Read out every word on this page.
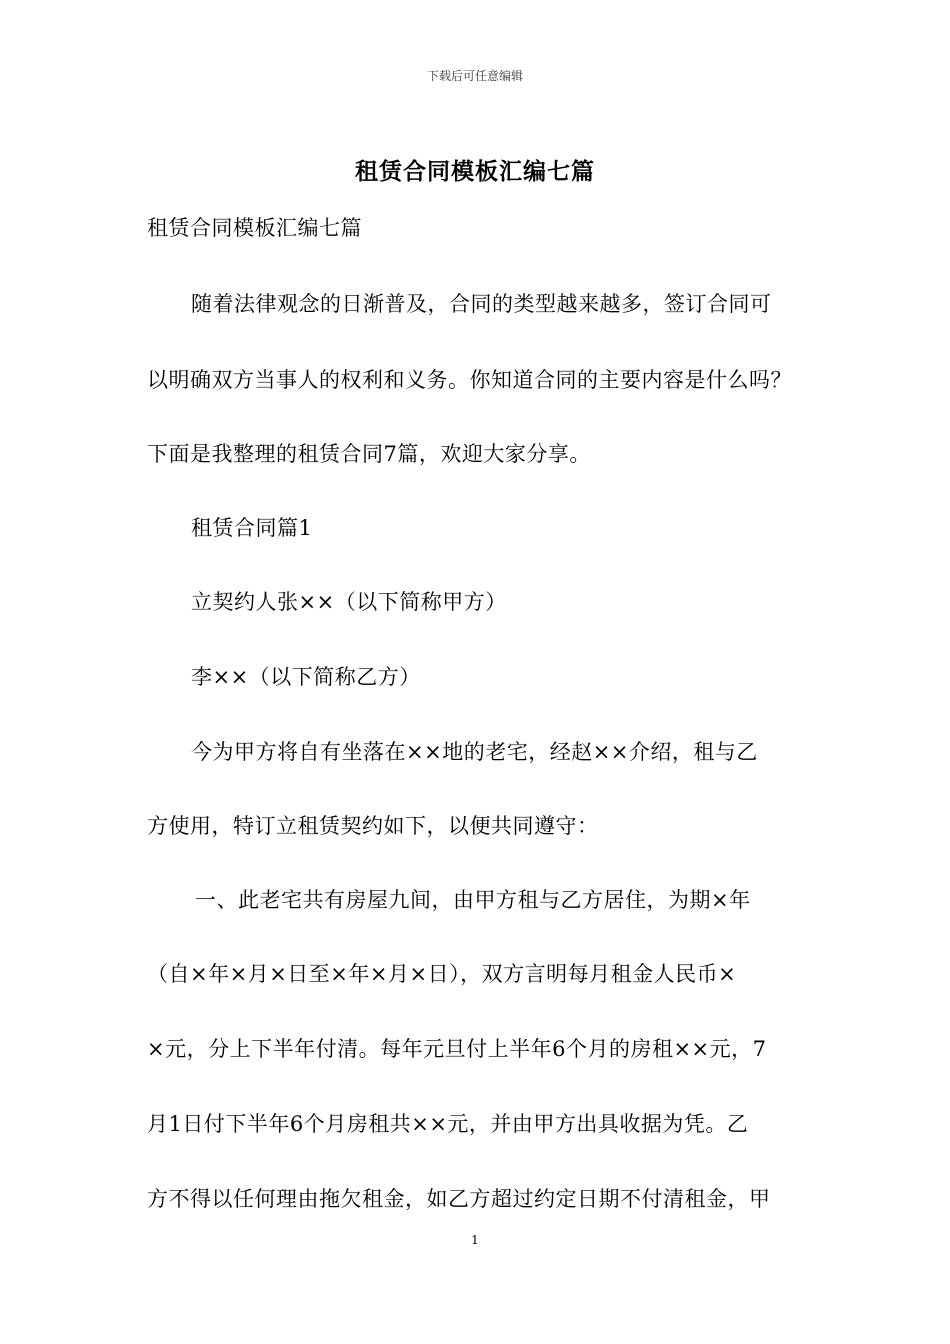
下载后可任意编辑
租赁合同模板汇编七篇
租赁合同模板汇编七篇
随着法律观念的日渐普及，合同的类型越来越多，签订合同可
以明确双方当事人的权利和义务。你知道合同的主要内容是什么吗？
下面是我整理的租赁合同7篇，欢迎大家分享。
租赁合同篇1
立契约人张××（以下简称甲方）
李××（以下简称乙方）
今为甲方将自有坐落在××地的老宅，经赵××介绍，租与乙
方使用，特订立租赁契约如下，以便共同遵守：
一、此老宅共有房屋九间，由甲方租与乙方居住，为期×年
（自×年×月×日至×年×月×日），双方言明每月租金人民币×
×元，分上下半年付清。每年元旦付上半年6个月的房租××元，7
月1日付下半年6个月房租共××元，并由甲方出具收据为凭。乙
方不得以任何理由拖欠租金，如乙方超过约定日期不付清租金，甲
1
